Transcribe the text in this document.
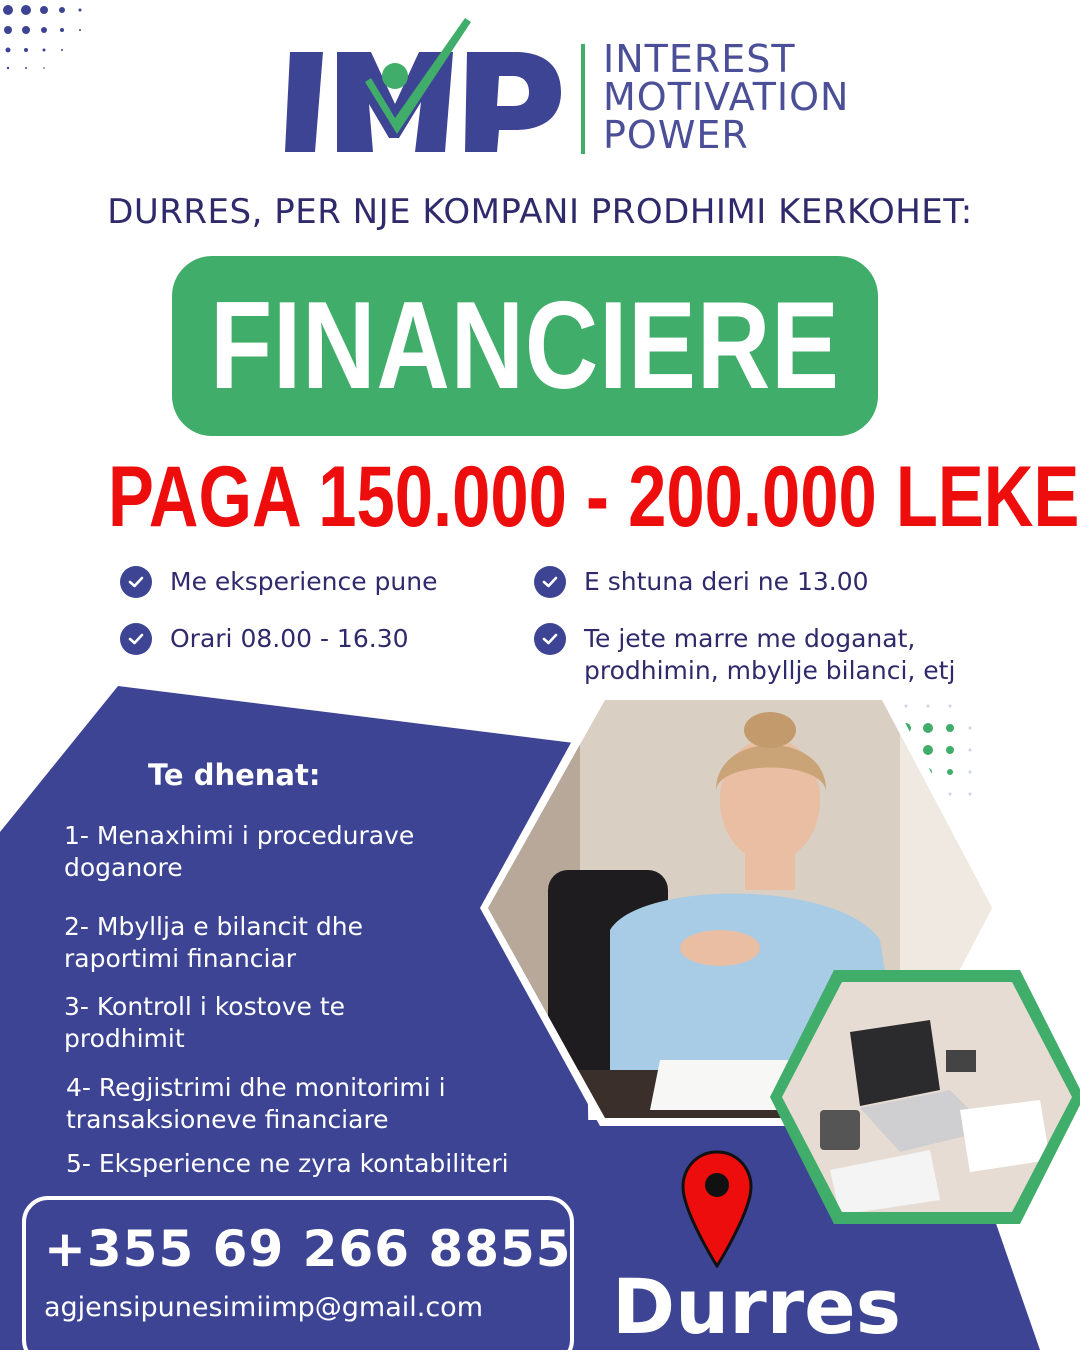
INTEREST
MOTIVATION
POWER
DURRES, PER NJE KOMPANI PRODHIMI KERKOHET:
FINANCIERE
PAGA 150.000 - 200.000 LEKE
Me eksperience pune	E shtuna deri ne 13.00
Orari 08.00 - 16.30	Te jete marre me doganat,
prodhimin, mbyllje bilanci, etj
Te dhenat:
1- Menaxhimi i procedurave
doganore
2- Mbyllja e bilancit dhe
raportimi financiar
3- Kontroll i kostove te
prodhimit
4- Regjistrimi dhe monitorimi i
transaksioneve financiare
5- Eksperience ne zyra kontabiliteri
+355 69 266 8855
agjensipunesimiimp@gmail.com Durres
